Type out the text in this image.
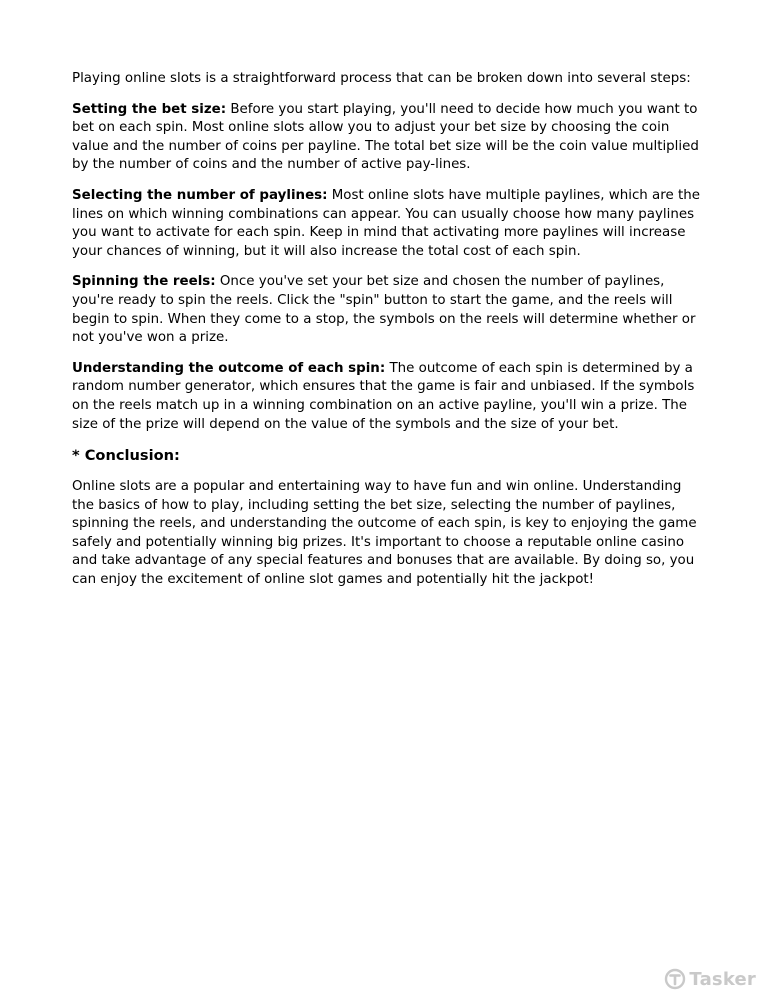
Playing online slots is a straightforward process that can be broken down into several steps:

Setting the bet size: Before you start playing, you'll need to decide how much you want to bet on each spin. Most online slots allow you to adjust your bet size by choosing the coin value and the number of coins per payline. The total bet size will be the coin value multiplied by the number of coins and the number of active pay-lines.

Selecting the number of paylines: Most online slots have multiple paylines, which are the lines on which winning combinations can appear. You can usually choose how many paylines you want to activate for each spin. Keep in mind that activating more paylines will increase your chances of winning, but it will also increase the total cost of each spin.

Spinning the reels: Once you've set your bet size and chosen the number of paylines, you're ready to spin the reels. Click the "spin" button to start the game, and the reels will begin to spin. When they come to a stop, the symbols on the reels will determine whether or not you've won a prize.

Understanding the outcome of each spin: The outcome of each spin is determined by a random number generator, which ensures that the game is fair and unbiased. If the symbols on the reels match up in a winning combination on an active payline, you'll win a prize. The size of the prize will depend on the value of the symbols and the size of your bet.

* Conclusion:

Online slots are a popular and entertaining way to have fun and win online. Understanding the basics of how to play, including setting the bet size, selecting the number of paylines, spinning the reels, and understanding the outcome of each spin, is key to enjoying the game safely and potentially winning big prizes. It's important to choose a reputable online casino and take advantage of any special features and bonuses that are available. By doing so, you can enjoy the excitement of online slot games and potentially hit the jackpot!

Tasker
